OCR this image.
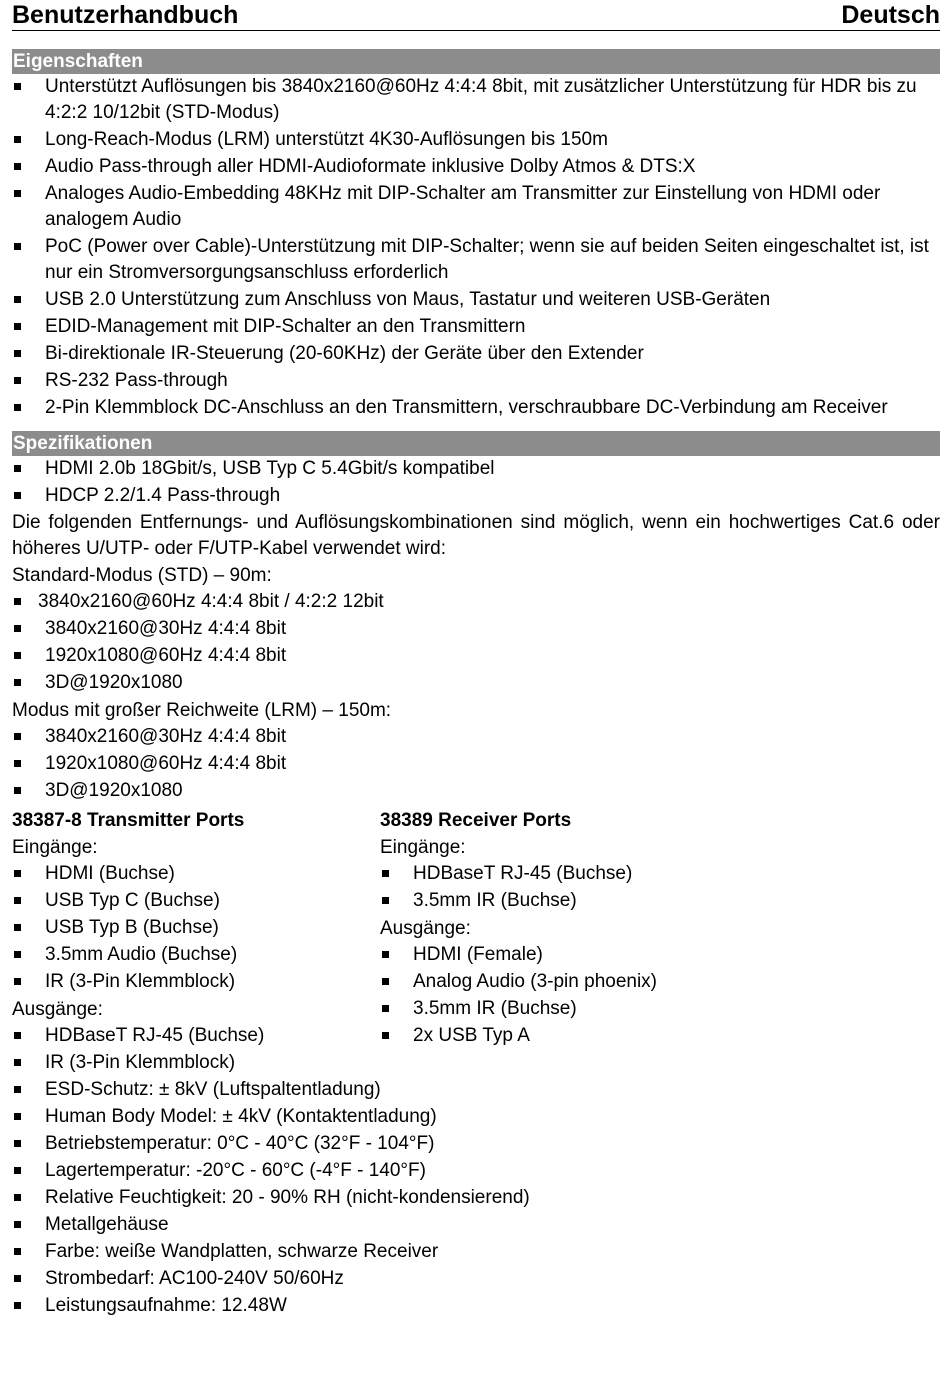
Benutzerhandbuch	Deutsch
Eigenschaften
Unterstützt Auflösungen bis 3840x2160@60Hz 4:4:4 8bit, mit zusätzlicher Unterstützung für HDR bis zu 4:2:2 10/12bit (STD-Modus)
Long-Reach-Modus (LRM) unterstützt 4K30-Auflösungen bis 150m
Audio Pass-through aller HDMI-Audioformate inklusive Dolby Atmos & DTS:X
Analoges Audio-Embedding 48KHz mit DIP-Schalter am Transmitter zur Einstellung von HDMI oder analogem Audio
PoC (Power over Cable)-Unterstützung mit DIP-Schalter; wenn sie auf beiden Seiten eingeschaltet ist, ist nur ein Stromversorgungsanschluss erforderlich
USB 2.0 Unterstützung zum Anschluss von Maus, Tastatur und weiteren USB-Geräten
EDID-Management mit DIP-Schalter an den Transmittern
Bi-direktionale IR-Steuerung (20-60KHz) der Geräte über den Extender
RS-232 Pass-through
2-Pin Klemmblock DC-Anschluss an den Transmittern, verschraubbare DC-Verbindung am Receiver
Spezifikationen
HDMI 2.0b 18Gbit/s, USB Typ C 5.4Gbit/s kompatibel
HDCP 2.2/1.4 Pass-through

Die folgenden Entfernungs- und Auflösungskombinationen sind möglich, wenn ein hochwertiges Cat.6 oder höheres U/UTP- oder F/UTP-Kabel verwendet wird:

Standard-Modus (STD) – 90m:

3840x2160@60Hz 4:4:4 8bit / 4:2:2 12bit
3840x2160@30Hz 4:4:4 8bit
1920x1080@60Hz 4:4:4 8bit
3D@1920x1080

Modus mit großer Reichweite (LRM) – 150m:

3840x2160@30Hz 4:4:4 8bit
1920x1080@60Hz 4:4:4 8bit
3D@1920x1080
38387-8 Transmitter Ports

Eingänge:

HDMI (Buchse)
USB Typ C (Buchse)
USB Typ B (Buchse)
3.5mm Audio (Buchse)
IR (3-Pin Klemmblock)

Ausgänge:

HDBaseT RJ-45 (Buchse)
IR (3-Pin Klemmblock)
38389 Receiver Ports

Eingänge:

HDBaseT RJ-45 (Buchse)
3.5mm IR (Buchse)

Ausgänge:

HDMI (Female)
Analog Audio (3-pin phoenix)
3.5mm IR (Buchse)
2x USB Typ A
ESD-Schutz: ± 8kV (Luftspaltentladung)
Human Body Model: ± 4kV (Kontaktentladung)
Betriebstemperatur: 0°C - 40°C (32°F - 104°F)
Lagertemperatur: -20°C - 60°C (-4°F - 140°F)
Relative Feuchtigkeit: 20 - 90% RH (nicht-kondensierend)
Metallgehäuse
Farbe: weiße Wandplatten, schwarze Receiver
Strombedarf: AC100-240V 50/60Hz
Leistungsaufnahme: 12.48W
